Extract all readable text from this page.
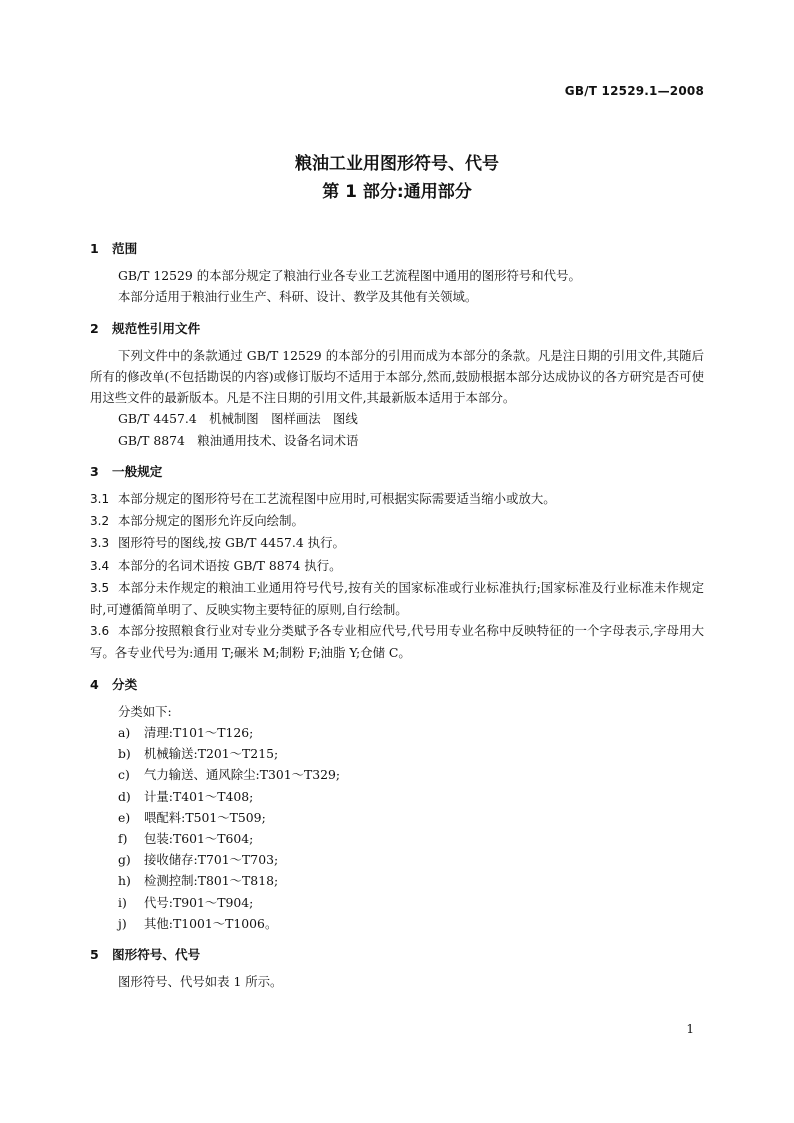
GB/T 12529.1—2008
粮油工业用图形符号、代号
第 1 部分:通用部分
1 范围

GB/T 12529 的本部分规定了粮油行业各专业工艺流程图中通用的图形符号和代号。

本部分适用于粮油行业生产、科研、设计、教学及其他有关领域。

2 规范性引用文件

下列文件中的条款通过 GB/T 12529 的本部分的引用而成为本部分的条款。凡是注日期的引用文件,其随后所有的修改单(不包括勘误的内容)或修订版均不适用于本部分,然而,鼓励根据本部分达成协议的各方研究是否可使用这些文件的最新版本。凡是不注日期的引用文件,其最新版本适用于本部分。

GB/T 4457.4　机械制图　图样画法　图线

GB/T 8874　粮油通用技术、设备名词术语

3 一般规定

3.1 本部分规定的图形符号在工艺流程图中应用时,可根据实际需要适当缩小或放大。

3.2 本部分规定的图形允许反向绘制。

3.3 图形符号的图线,按 GB/T 4457.4 执行。

3.4 本部分的名词术语按 GB/T 8874 执行。

3.5 本部分未作规定的粮油工业通用符号代号,按有关的国家标准或行业标准执行;国家标准及行业标准未作规定时,可遵循简单明了、反映实物主要特征的原则,自行绘制。

3.6 本部分按照粮食行业对专业分类赋予各专业相应代号,代号用专业名称中反映特征的一个字母表示,字母用大写。各专业代号为:通用 T;碾米 M;制粉 F;油脂 Y;仓储 C。

4 分类

分类如下:

a) 清理:T101～T126;
b) 机械输送:T201～T215;
c) 气力输送、通风除尘:T301～T329;
d) 计量:T401～T408;
e) 喂配料:T501～T509;
f) 包装:T601～T604;
g) 接收储存:T701～T703;
h) 检测控制:T801～T818;
i) 代号:T901～T904;
j) 其他:T1001～T1006。
5 图形符号、代号

图形符号、代号如表 1 所示。

1
